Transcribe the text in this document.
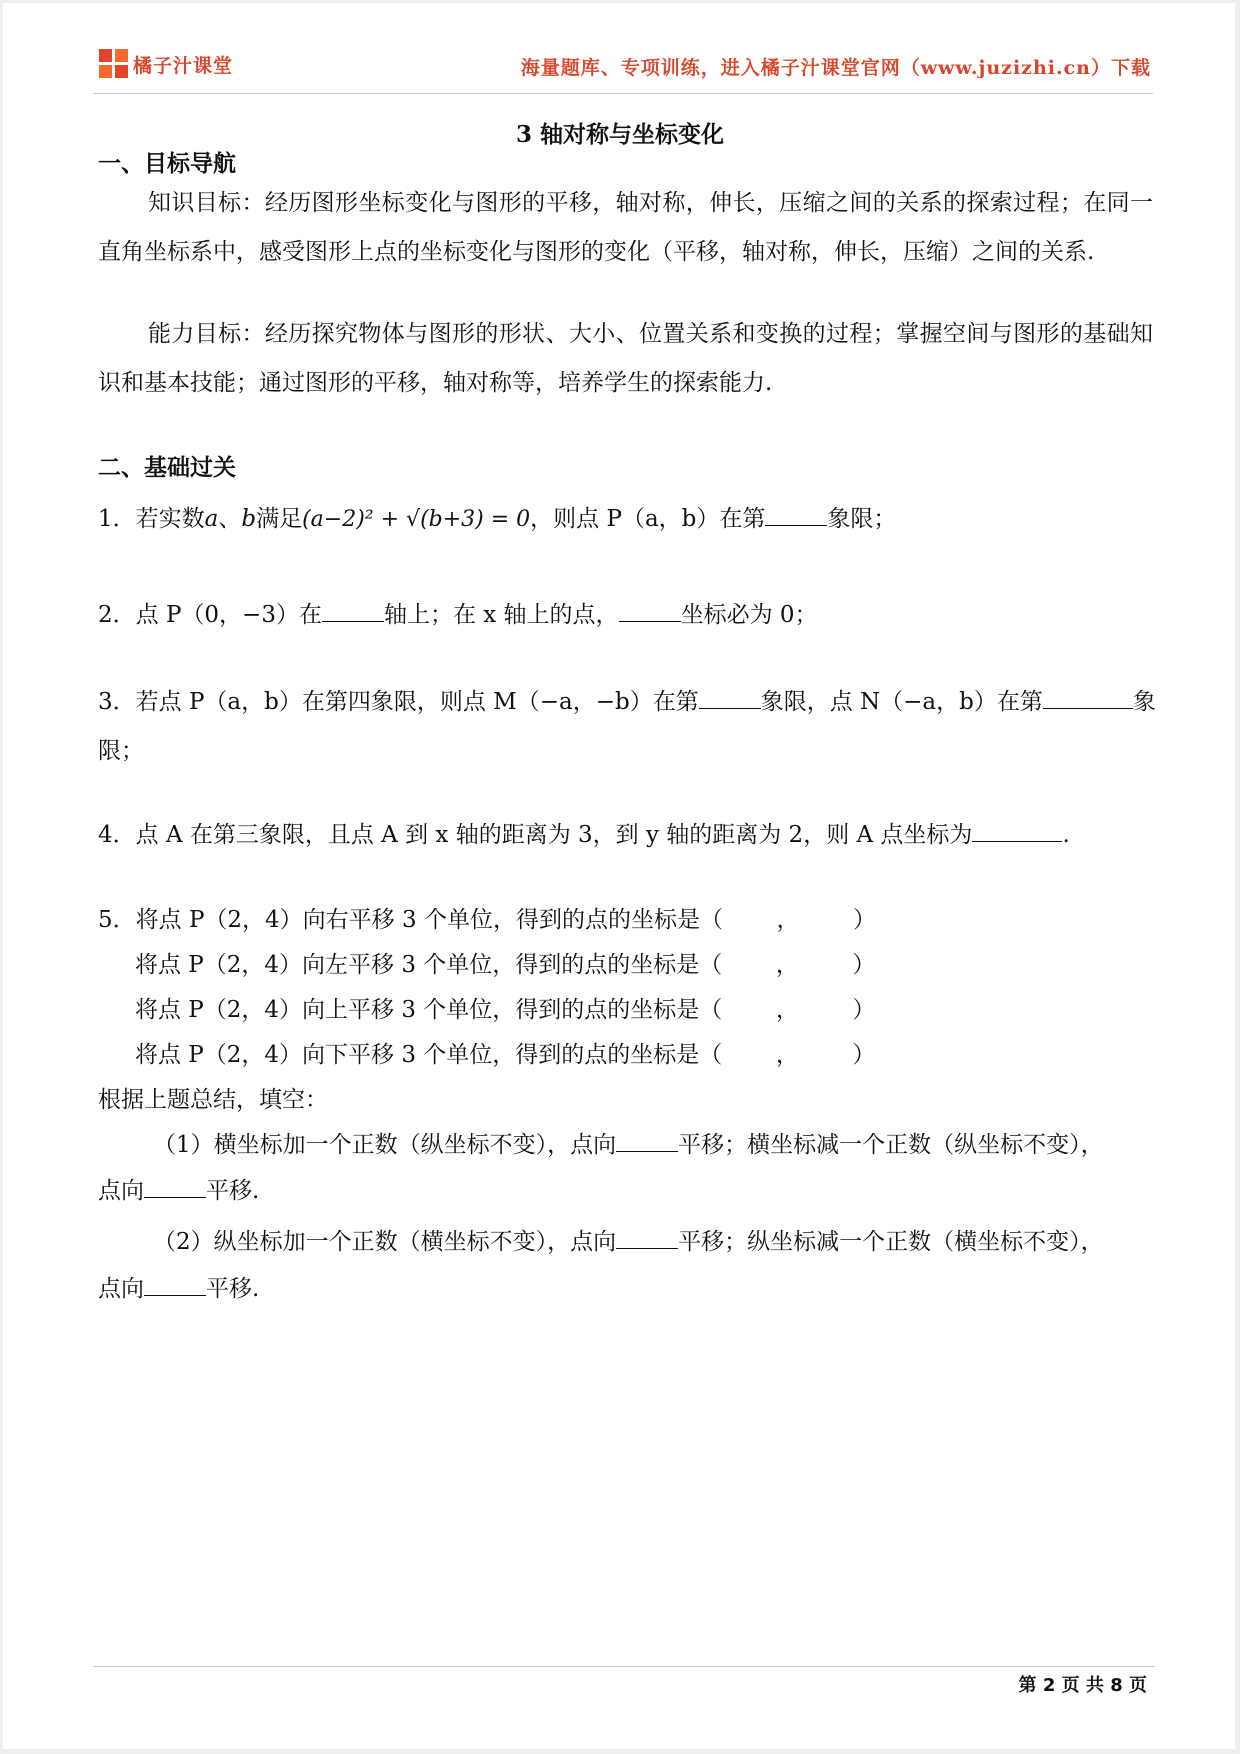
橘子汁课堂	海量题库、专项训练，进入橘子汁课堂官网（www.juzizhi.cn）下载
3 轴对称与坐标变化
一、目标导航
知识目标：经历图形坐标变化与图形的平移，轴对称，伸长，压缩之间的关系的探索过程；在同一直角坐标系中，感受图形上点的坐标变化与图形的变化（平移，轴对称，伸长，压缩）之间的关系.
能力目标：经历探究物体与图形的形状、大小、位置关系和变换的过程；掌握空间与图形的基础知识和基本技能；通过图形的平移，轴对称等，培养学生的探索能力.
二、基础过关
1．若实数a、b满足(a−2)² + √(b+3) = 0，则点 P（a，b）在第	象限；
2．点 P（0，−3）在	轴上；在 x 轴上的点，	坐标必为 0；
3．若点 P（a，b）在第四象限，则点 M（−a，−b）在第	象限，点 N（−a，b）在第	象
限；
4．点 A 在第三象限，且点 A 到 x 轴的距离为 3，到 y 轴的距离为 2，则 A 点坐标为	.
5．将点 P（2，4）向右平移 3 个单位，得到的点的坐标是（ ， ）
将点 P（2，4）向左平移 3 个单位，得到的点的坐标是（ ， ）
将点 P（2，4）向上平移 3 个单位，得到的点的坐标是（ ， ）
将点 P（2，4）向下平移 3 个单位，得到的点的坐标是（ ， ）
根据上题总结，填空：
（1）横坐标加一个正数（纵坐标不变），点向	平移；横坐标减一个正数（纵坐标不变），
点向	平移.
（2）纵坐标加一个正数（横坐标不变），点向	平移；纵坐标减一个正数（横坐标不变），
点向	平移.
第 2 页 共 8 页
